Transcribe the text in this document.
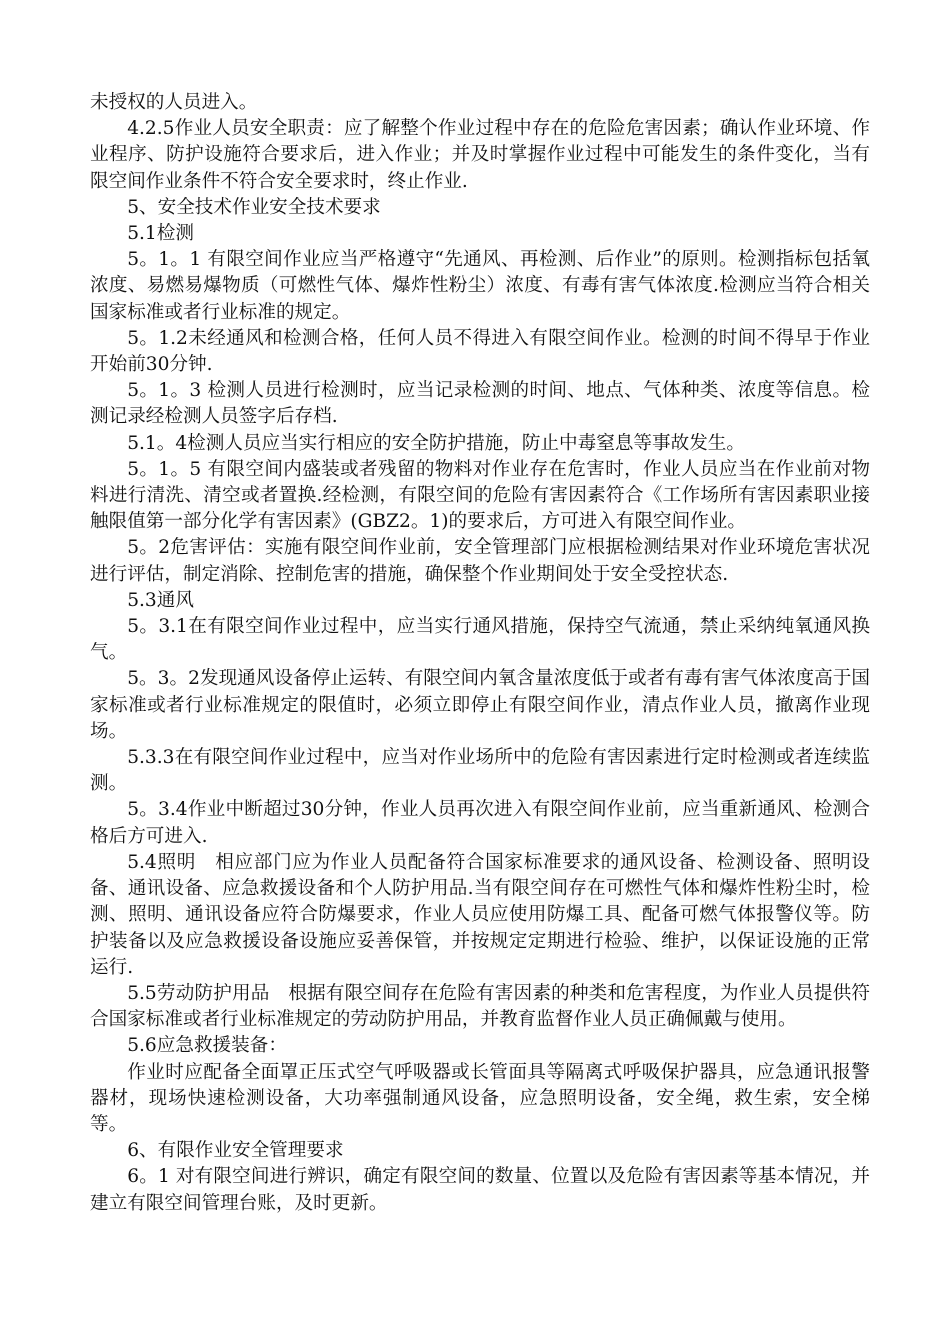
未授权的人员进入。

4.2.5作业人员安全职责：应了解整个作业过程中存在的危险危害因素；确认作业环境、作业程序、防护设施符合要求后，进入作业；并及时掌握作业过程中可能发生的条件变化，当有限空间作业条件不符合安全要求时，终止作业.

5、安全技术作业安全技术要求

5.1检测

5。1。1 有限空间作业应当严格遵守“先通风、再检测、后作业”的原则。检测指标包括氧浓度、易燃易爆物质（可燃性气体、爆炸性粉尘）浓度、有毒有害气体浓度.检测应当符合相关国家标准或者行业标准的规定。

5。1.2未经通风和检测合格，任何人员不得进入有限空间作业。检测的时间不得早于作业开始前30分钟.

5。1。3 检测人员进行检测时，应当记录检测的时间、地点、气体种类、浓度等信息。检测记录经检测人员签字后存档.

5.1。4检测人员应当实行相应的安全防护措施，防止中毒窒息等事故发生。

5。1。5 有限空间内盛装或者残留的物料对作业存在危害时，作业人员应当在作业前对物料进行清洗、清空或者置换.经检测，有限空间的危险有害因素符合《工作场所有害因素职业接触限值第一部分化学有害因素》(GBZ2。1)的要求后，方可进入有限空间作业。

5。2危害评估：实施有限空间作业前，安全管理部门应根据检测结果对作业环境危害状况进行评估，制定消除、控制危害的措施，确保整个作业期间处于安全受控状态.

5.3通风

5。3.1在有限空间作业过程中，应当实行通风措施，保持空气流通，禁止采纳纯氧通风换气。

5。3。2发现通风设备停止运转、有限空间内氧含量浓度低于或者有毒有害气体浓度高于国家标准或者行业标准规定的限值时，必须立即停止有限空间作业，清点作业人员，撤离作业现场。

5.3.3在有限空间作业过程中，应当对作业场所中的危险有害因素进行定时检测或者连续监测。

5。3.4作业中断超过30分钟，作业人员再次进入有限空间作业前，应当重新通风、检测合格后方可进入.

5.4照明　相应部门应为作业人员配备符合国家标准要求的通风设备、检测设备、照明设备、通讯设备、应急救援设备和个人防护用品.当有限空间存在可燃性气体和爆炸性粉尘时，检测、照明、通讯设备应符合防爆要求，作业人员应使用防爆工具、配备可燃气体报警仪等。防护装备以及应急救援设备设施应妥善保管，并按规定定期进行检验、维护，以保证设施的正常运行.

5.5劳动防护用品　根据有限空间存在危险有害因素的种类和危害程度，为作业人员提供符合国家标准或者行业标准规定的劳动防护用品，并教育监督作业人员正确佩戴与使用。

5.6应急救援装备：

作业时应配备全面罩正压式空气呼吸器或长管面具等隔离式呼吸保护器具，应急通讯报警器材，现场快速检测设备，大功率强制通风设备，应急照明设备，安全绳，救生索，安全梯等。

6、有限作业安全管理要求

6。1 对有限空间进行辨识，确定有限空间的数量、位置以及危险有害因素等基本情况，并建立有限空间管理台账，及时更新。
